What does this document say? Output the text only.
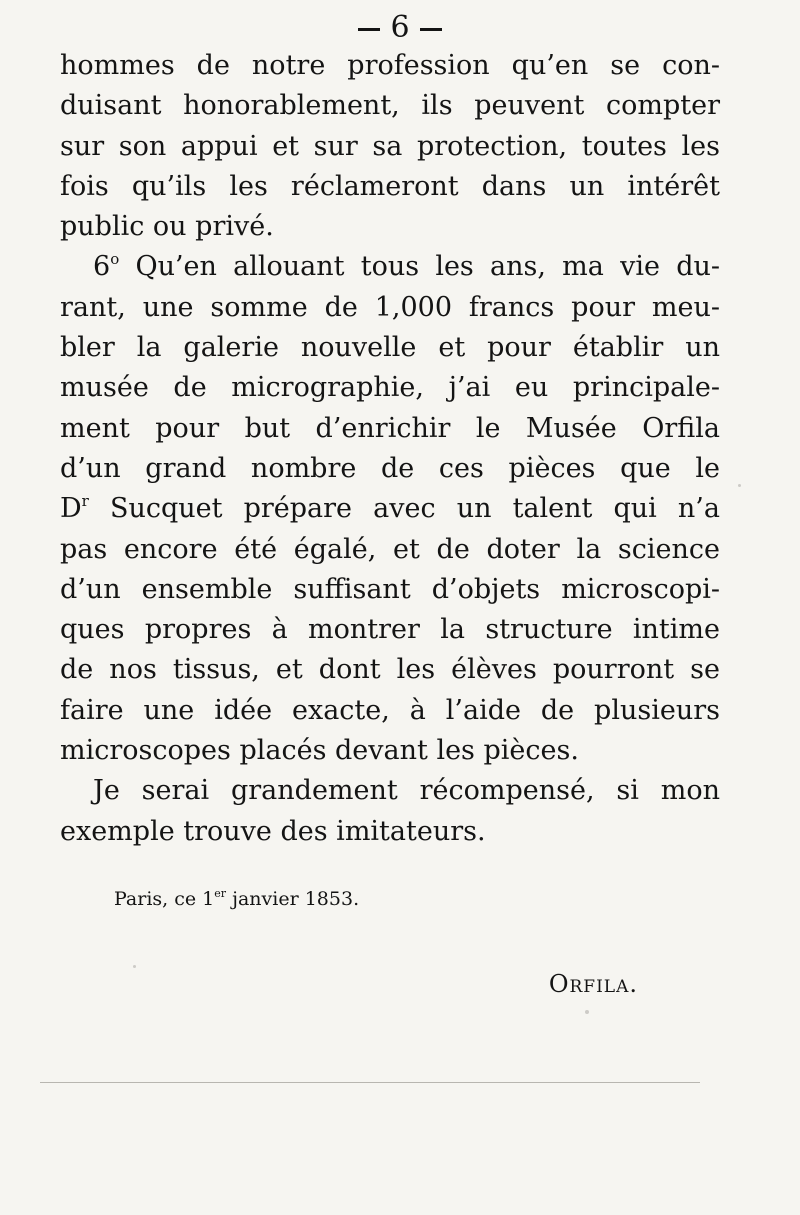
6
hommes de notre profession qu’en se con-
duisant honorablement, ils peuvent compter
sur son appui et sur sa protection, toutes les
fois qu’ils les réclameront dans un intérêt
public ou privé.
6$^o$ Qu’en allouant tous les ans, ma vie du-
rant, une somme de 1,000 francs pour meu-
bler la galerie nouvelle et pour établir un
musée de micrographie, j’ai eu principale-
ment pour but d’enrichir le Musée Orfila
d’un grand nombre de ces pièces que le
$D^r$ Sucquet prépare avec un talent qui n’a
pas encore été égalé, et de doter la science
d’un ensemble suffisant d’objets microscopi-
ques propres à montrer la structure intime
de nos tissus, et dont les élèves pourront se
faire une idée exacte, à l’aide de plusieurs
microscopes placés devant les pièces.
Je serai grandement récompensé, si mon
exemple trouve des imitateurs.
Paris, ce 1er janvier 1853.
Orfila.
